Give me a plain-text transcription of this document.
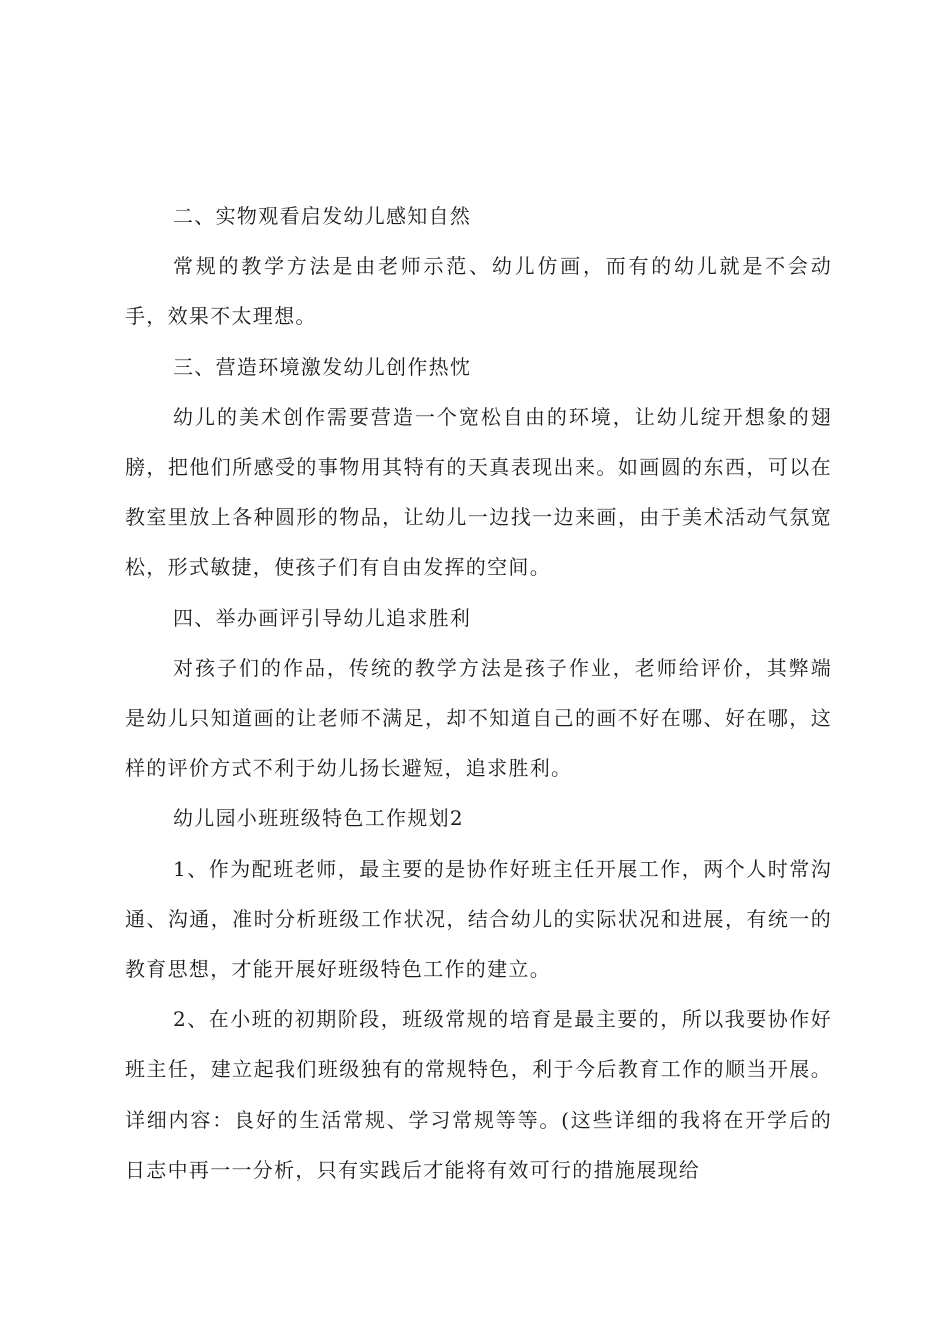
二、实物观看启发幼儿感知自然

常规的教学方法是由老师示范、幼儿仿画，而有的幼儿就是不会动手，效果不太理想。

三、营造环境激发幼儿创作热忱

幼儿的美术创作需要营造一个宽松自由的环境，让幼儿绽开想象的翅膀，把他们所感受的事物用其特有的天真表现出来。如画圆的东西，可以在教室里放上各种圆形的物品，让幼儿一边找一边来画，由于美术活动气氛宽松，形式敏捷，使孩子们有自由发挥的空间。

四、举办画评引导幼儿追求胜利

对孩子们的作品，传统的教学方法是孩子作业，老师给评价，其弊端是幼儿只知道画的让老师不满足，却不知道自己的画不好在哪、好在哪，这样的评价方式不利于幼儿扬长避短，追求胜利。

幼儿园小班班级特色工作规划2

1、作为配班老师，最主要的是协作好班主任开展工作，两个人时常沟通、沟通，准时分析班级工作状况，结合幼儿的实际状况和进展，有统一的教育思想，才能开展好班级特色工作的建立。

2、在小班的初期阶段，班级常规的培育是最主要的，所以我要协作好班主任，建立起我们班级独有的常规特色，利于今后教育工作的顺当开展。详细内容：良好的生活常规、学习常规等等。(这些详细的我将在开学后的日志中再一一分析，只有实践后才能将有效可行的措施展现给
